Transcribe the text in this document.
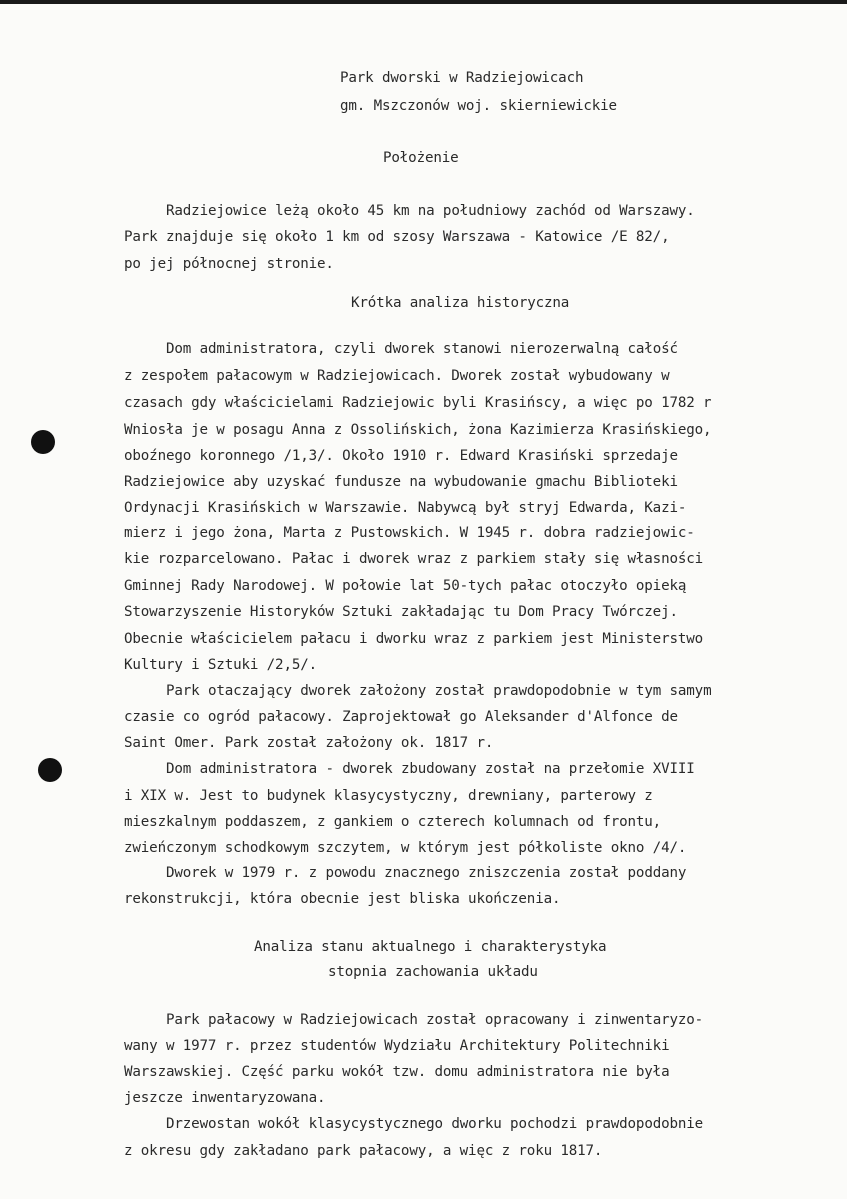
Park dworski w Radziejowicach
gm. Mszczonów woj. skierniewickie
Położenie
Radziejowice leżą około 45 km na południowy zachód od Warszawy.
Park znajduje się około 1 km od szosy Warszawa - Katowice /E 82/,
po jej północnej stronie.
Krótka analiza historyczna
Dom administratora, czyli dworek stanowi nierozerwalną całość
z zespołem pałacowym w Radziejowicach. Dworek został wybudowany w
czasach gdy właścicielami Radziejowic byli Krasińscy, a więc po 1782 r
Wniosła je w posagu Anna z Ossolińskich, żona Kazimierza Krasińskiego,
oboźnego koronnego /1,3/. Około 1910 r. Edward Krasiński sprzedaje
Radziejowice aby uzyskać fundusze na wybudowanie gmachu Biblioteki
Ordynacji Krasińskich w Warszawie. Nabywcą był stryj Edwarda, Kazi-
mierz i jego żona, Marta z Pustowskich. W 1945 r. dobra radziejowic-
kie rozparcelowano. Pałac i dworek wraz z parkiem stały się własności
Gminnej Rady Narodowej. W połowie lat 50-tych pałac otoczyło opieką
Stowarzyszenie Historyków Sztuki zakładając tu Dom Pracy Twórczej.
Obecnie właścicielem pałacu i dworku wraz z parkiem jest Ministerstwo
Kultury i Sztuki /2,5/.
Park otaczający dworek założony został prawdopodobnie w tym samym
czasie co ogród pałacowy. Zaprojektował go Aleksander d'Alfonce de
Saint Omer. Park został założony ok. 1817 r.
Dom administratora - dworek zbudowany został na przełomie XVIII
i XIX w. Jest to budynek klasycystyczny, drewniany, parterowy z
mieszkalnym poddaszem, z gankiem o czterech kolumnach od frontu,
zwieńczonym schodkowym szczytem, w którym jest półkoliste okno /4/.
Dworek w 1979 r. z powodu znacznego zniszczenia został poddany
rekonstrukcji, która obecnie jest bliska ukończenia.
Analiza stanu aktualnego i charakterystyka
stopnia zachowania układu
Park pałacowy w Radziejowicach został opracowany i zinwentaryzo-
wany w 1977 r. przez studentów Wydziału Architektury Politechniki
Warszawskiej. Część parku wokół tzw. domu administratora nie była
jeszcze inwentaryzowana.
Drzewostan wokół klasycystycznego dworku pochodzi prawdopodobnie
z okresu gdy zakładano park pałacowy, a więc z roku 1817.
